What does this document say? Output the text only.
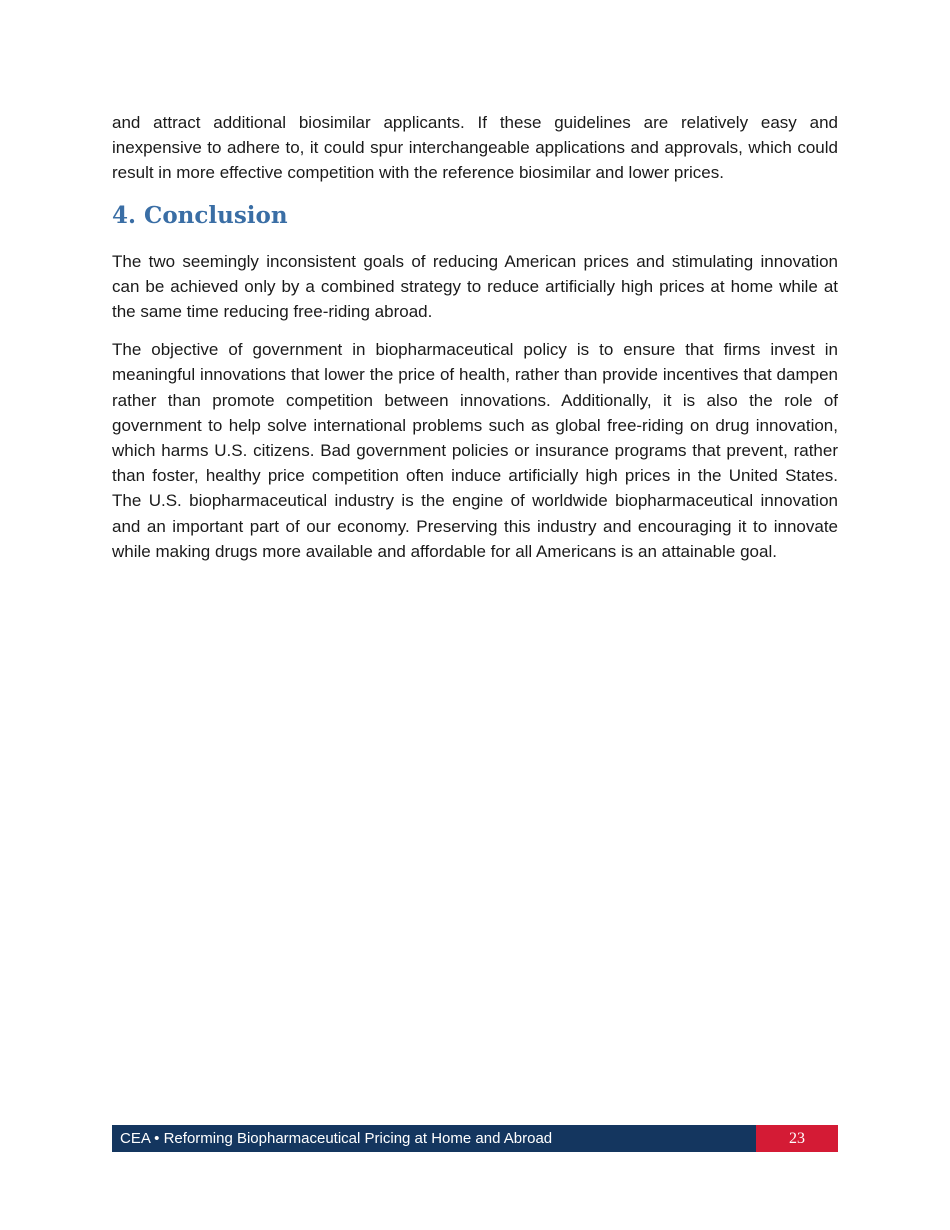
and attract additional biosimilar applicants. If these guidelines are relatively easy and inexpensive to adhere to, it could spur interchangeable applications and approvals, which could result in more effective competition with the reference biosimilar and lower prices.

4. Conclusion

The two seemingly inconsistent goals of reducing American prices and stimulating innovation can be achieved only by a combined strategy to reduce artificially high prices at home while at the same time reducing free-riding abroad.

The objective of government in biopharmaceutical policy is to ensure that firms invest in meaningful innovations that lower the price of health, rather than provide incentives that dampen rather than promote competition between innovations. Additionally, it is also the role of government to help solve international problems such as global free-riding on drug innovation, which harms U.S. citizens. Bad government policies or insurance programs that prevent, rather than foster, healthy price competition often induce artificially high prices in the United States. The U.S. biopharmaceutical industry is the engine of worldwide biopharmaceutical innovation and an important part of our economy. Preserving this industry and encouraging it to innovate while making drugs more available and affordable for all Americans is an attainable goal.

CEA • Reforming Biopharmaceutical Pricing at Home and Abroad	23
